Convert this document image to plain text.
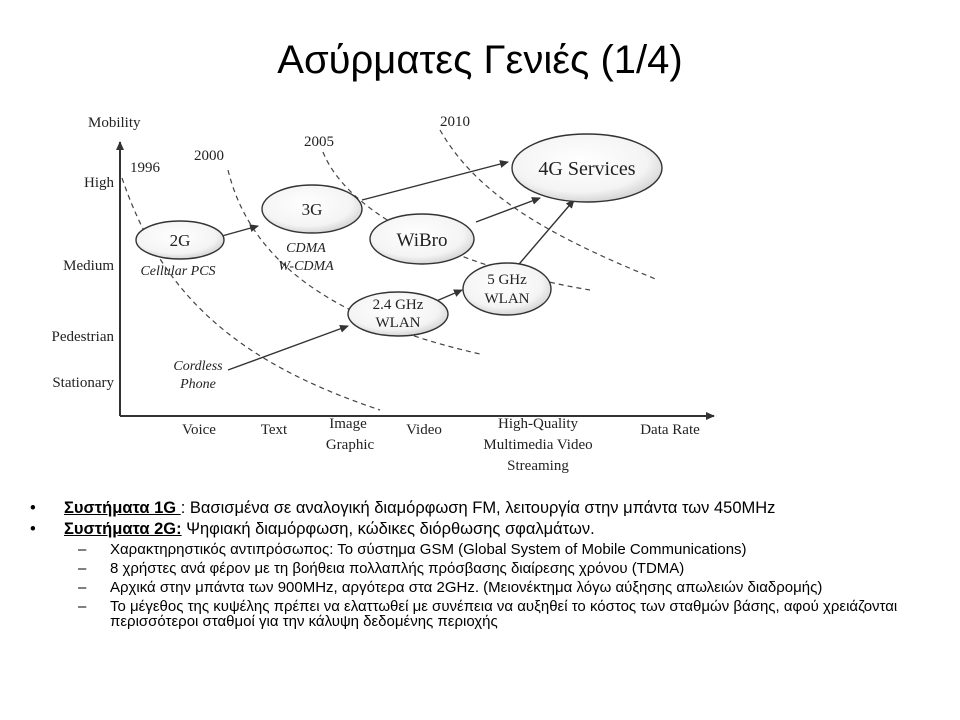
Ασύρματες Γενιές (1/4)
2G
3G
4G Services
WiBro
2.4 GHz
WLAN
5 GHz
WLAN
Cellular PCS
CDMA
W-CDMA
Cordless
Phone
1996
2000
2005
2010
Mobility
High
Medium
Pedestrian
Stationary
Voice	Text	Image
Graphic
Video	High-Quality
Multimedia Video
Streaming
Data Rate
• Συστήματα 1G : Βασισμένα σε αναλογική διαμόρφωση FM, λειτουργία στην μπάντα των 450MHz
• Συστήματα 2G: Ψηφιακή διαμόρφωση, κώδικες διόρθωσης σφαλμάτων.
– Χαρακτηρηστικός αντιπρόσωπος: Το σύστημα GSM (Global System of Mobile Communications)
– 8 χρήστες ανά φέρον με τη βοήθεια πολλαπλής πρόσβασης διαίρεσης χρόνου (TDMA)
– Αρχικά στην μπάντα των 900MHz, αργότερα στα 2GHz. (Μειονέκτημα λόγω αύξησης απωλειών διαδρομής)
– Το μέγεθος της κυψέλης πρέπει να ελαττωθεί με συνέπεια να αυξηθεί το κόστος των σταθμών βάσης, αφού χρειάζονται περισσότεροι σταθμοί για την κάλυψη δεδομένης περιοχής
